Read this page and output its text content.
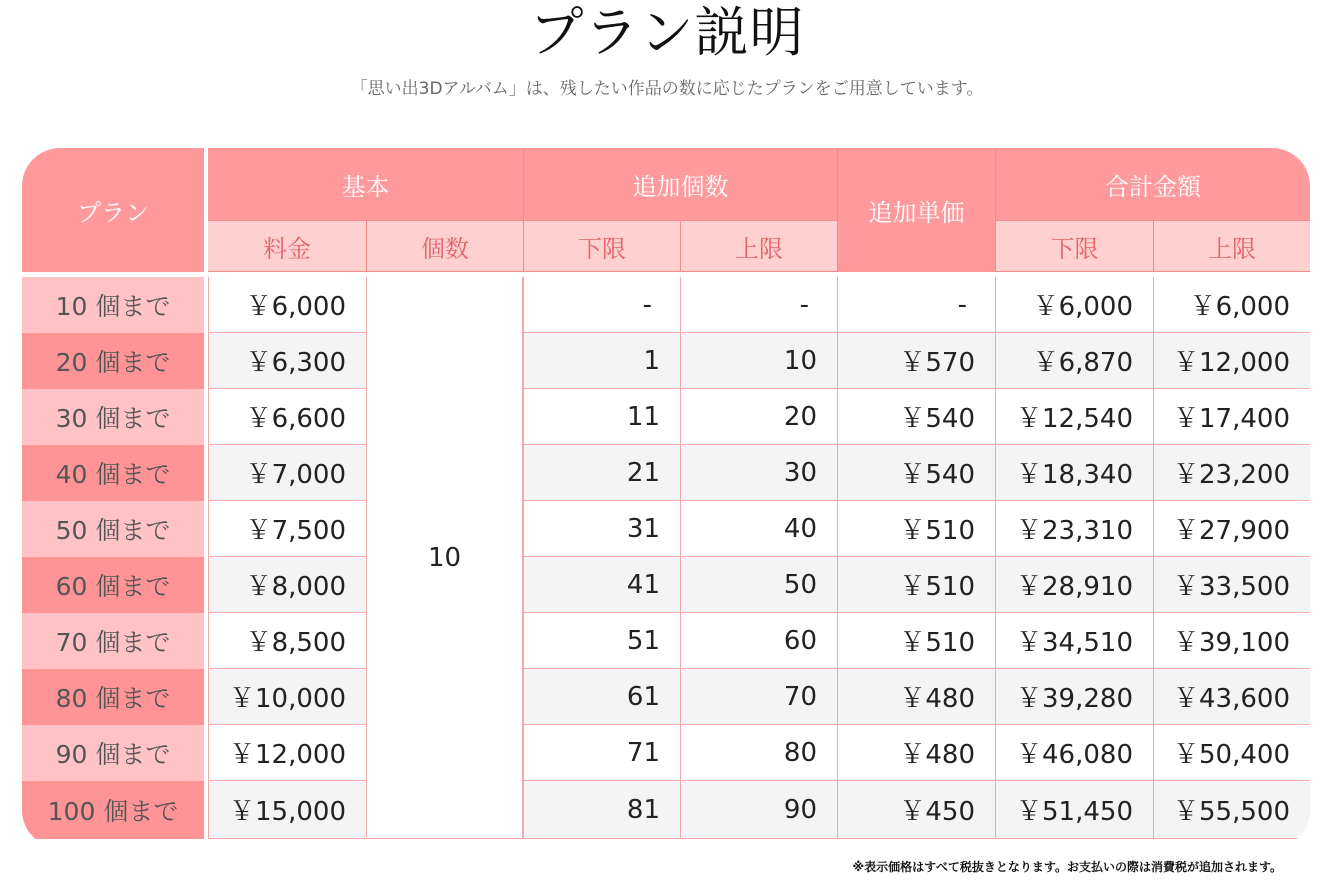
プラン説明
「思い出3Dアルバム」は、残したい作品の数に応じたプランをご用意しています。
プラン	基本		追加個数		追加単価	合計金額	
	料金	個数	下限	上限		下限	上限

10 個まで	￥6,000	10	-	-	-	￥6,000	￥6,000
20 個まで	￥6,300		1	10	￥570	￥6,870	￥12,000
30 個まで	￥6,600		11	20	￥540	￥12,540	￥17,400
40 個まで	￥7,000		21	30	￥540	￥18,340	￥23,200
50 個まで	￥7,500		31	40	￥510	￥23,310	￥27,900
60 個まで	￥8,000		41	50	￥510	￥28,910	￥33,500
70 個まで	￥8,500		51	60	￥510	￥34,510	￥39,100
80 個まで	￥10,000		61	70	￥480	￥39,280	￥43,600
90 個まで	￥12,000		71	80	￥480	￥46,080	￥50,400
100 個まで	￥15,000		81	90	￥450	￥51,450	￥55,500
※表示価格はすべて税抜きとなります。お支払いの際は消費税が追加されます。
